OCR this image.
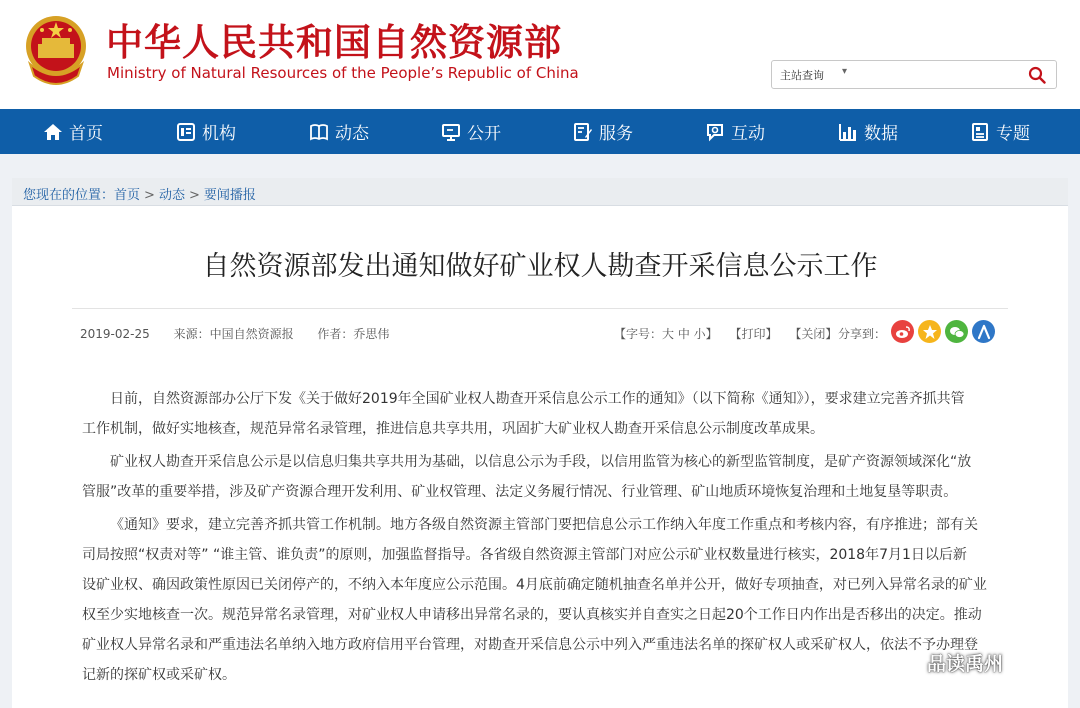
中华人民共和国自然资源部
Ministry of Natural Resources of the People’s Republic of China	主站查询 ▾
首页	机构	动态	公开	服务	互动	数据	专题
您现在的位置：首页 > 动态 > 要闻播报
自然资源部发出通知做好矿业权人勘查开采信息公示工作
2019-02-25 来源：中国自然资源报 作者：乔思伟	【字号：大 中 小】 【打印】 【关闭】 分享到：

日前，自然资源部办公厅下发《关于做好2019年全国矿业权人勘查开采信息公示工作的通知》（以下简称《通知》），要求建立完善齐抓共管

工作机制，做好实地核查，规范异常名录管理，推进信息共享共用，巩固扩大矿业权人勘查开采信息公示制度改革成果。

矿业权人勘查开采信息公示是以信息归集共享共用为基础，以信息公示为手段，以信用监管为核心的新型监管制度，是矿产资源领域深化“放

管服”改革的重要举措，涉及矿产资源合理开发利用、矿业权管理、法定义务履行情况、行业管理、矿山地质环境恢复治理和土地复垦等职责。

《通知》要求，建立完善齐抓共管工作机制。地方各级自然资源主管部门要把信息公示工作纳入年度工作重点和考核内容，有序推进；部有关

司局按照“权责对等” “谁主管、谁负责”的原则，加强监督指导。各省级自然资源主管部门对应公示矿业权数量进行核实，2018年7月1日以后新

设矿业权、确因政策性原因已关闭停产的，不纳入本年度应公示范围。4月底前确定随机抽查名单并公开，做好专项抽查，对已列入异常名录的矿业

权至少实地核查一次。规范异常名录管理，对矿业权人申请移出异常名录的，要认真核实并自查实之日起20个工作日内作出是否移出的决定。推动

矿业权人异常名录和严重违法名单纳入地方政府信用平台管理，对勘查开采信息公示中列入严重违法名单的探矿权人或采矿权人，依法不予办理登

记新的探矿权或采矿权。

品读禹州
